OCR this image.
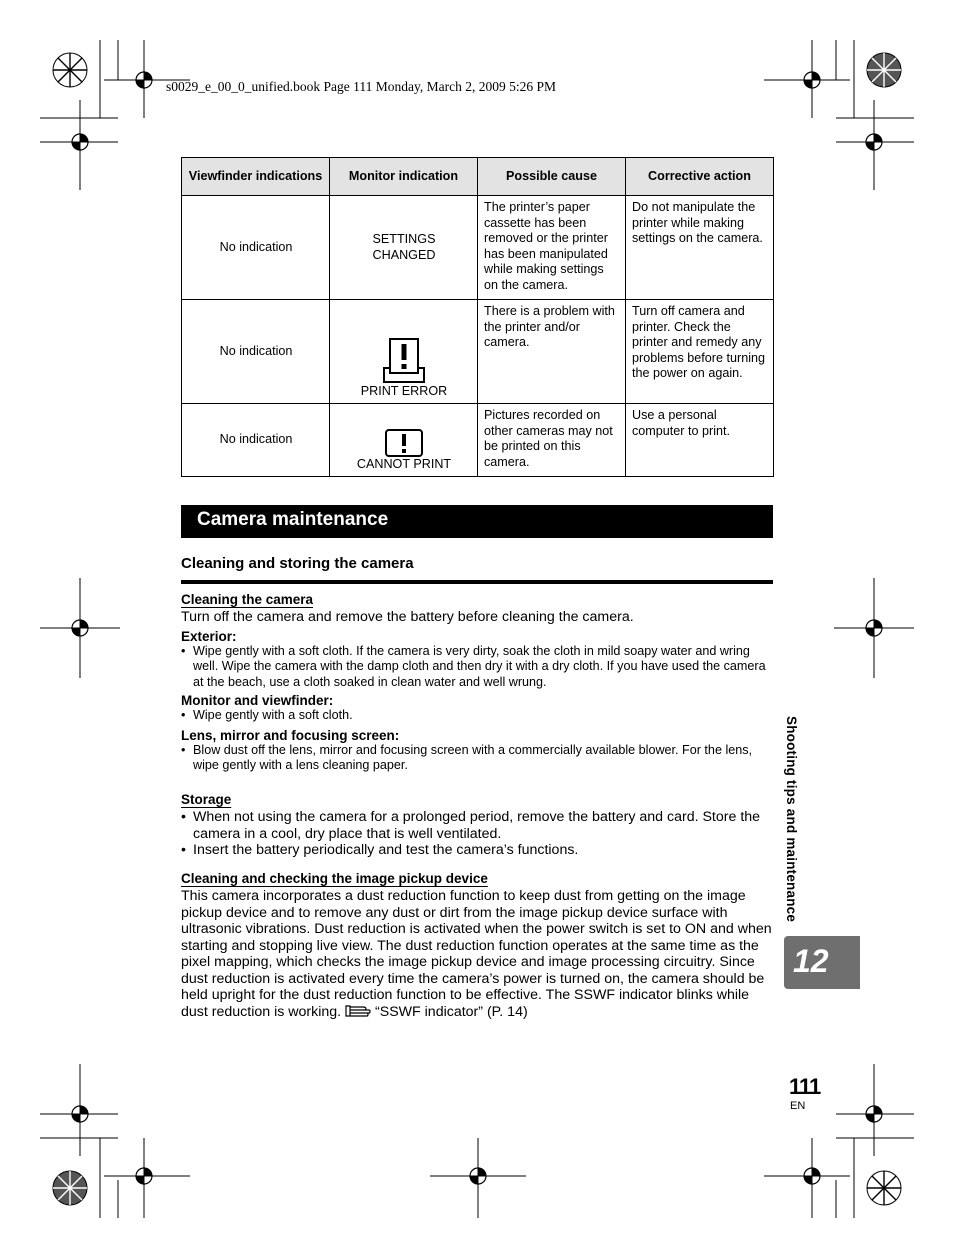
s0029_e_00_0_unified.book Page 111 Monday, March 2, 2009 5:26 PM
Viewfinder indications	Monitor indication	Possible cause	Corrective action
No indication	SETTINGS CHANGED	The printer’s paper cassette has been removed or the printer has been manipulated while making settings on the camera.	Do not manipulate the printer while making settings on the camera.
No indication	PRINT ERROR	There is a problem with the printer and/or camera.	Turn off camera and printer. Check the printer and remedy any problems before turning the power on again.
No indication	CANNOT PRINT	Pictures recorded on other cameras may not be printed on this camera.	Use a personal computer to print.
Camera maintenance
Cleaning and storing the camera
Cleaning the camera
Turn off the camera and remove the battery before cleaning the camera.
Exterior:
• Wipe gently with a soft cloth. If the camera is very dirty, soak the cloth in mild soapy water and wring well. Wipe the camera with the damp cloth and then dry it with a dry cloth. If you have used the camera at the beach, use a cloth soaked in clean water and well wrung.
Monitor and viewfinder:
• Wipe gently with a soft cloth.
Lens, mirror and focusing screen:
• Blow dust off the lens, mirror and focusing screen with a commercially available blower. For the lens, wipe gently with a lens cleaning paper.
Storage
• When not using the camera for a prolonged period, remove the battery and card. Store the camera in a cool, dry place that is well ventilated.
• Insert the battery periodically and test the camera’s functions.
Cleaning and checking the image pickup device
This camera incorporates a dust reduction function to keep dust from getting on the image pickup device and to remove any dust or dirt from the image pickup device surface with ultrasonic vibrations. Dust reduction is activated when the power switch is set to ON and when starting and stopping live view. The dust reduction function operates at the same time as the pixel mapping, which checks the image pickup device and image processing circuitry. Since dust reduction is activated every time the camera’s power is turned on, the camera should be held upright for the dust reduction function to be effective. The SSWF indicator blinks while dust reduction is working. “SSWF indicator” (P. 14)
Shooting tips and maintenance
12
111
EN
